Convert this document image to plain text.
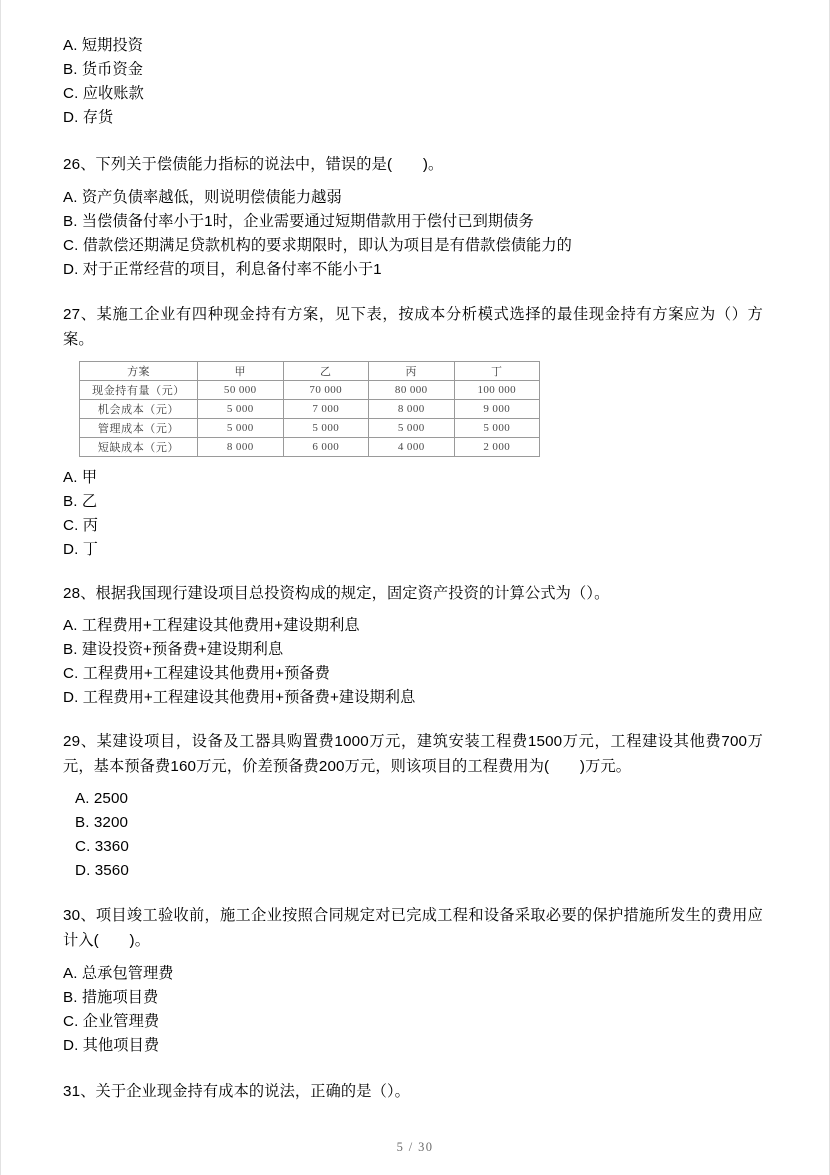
A. 短期投资
B. 货币资金
C. 应收账款
D. 存货

26、下列关于偿债能力指标的说法中，错误的是(　　)。

A. 资产负债率越低，则说明偿债能力越弱
B. 当偿债备付率小于1时，企业需要通过短期借款用于偿付已到期债务
C. 借款偿还期满足贷款机构的要求期限时，即认为项目是有借款偿债能力的
D. 对于正常经营的项目，利息备付率不能小于1

27、某施工企业有四种现金持有方案，见下表，按成本分析模式选择的最佳现金持有方案应为（）方案。

方案	甲	乙	丙	丁
现金持有量（元）	50 000	70 000	80 000	100 000
机会成本（元）	5 000	7 000	8 000	9 000
管理成本（元）	5 000	5 000	5 000	5 000
短缺成本（元）	8 000	6 000	4 000	2 000
A. 甲
B. 乙
C. 丙
D. 丁

28、根据我国现行建设项目总投资构成的规定，固定资产投资的计算公式为（）。

A. 工程费用+工程建设其他费用+建设期利息
B. 建设投资+预备费+建设期利息
C. 工程费用+工程建设其他费用+预备费
D. 工程费用+工程建设其他费用+预备费+建设期利息

29、某建设项目，设备及工器具购置费1000万元，建筑安装工程费1500万元，工程建设其他费700万元，基本预备费160万元，价差预备费200万元，则该项目的工程费用为(　　)万元。

A. 2500
B. 3200
C. 3360
D. 3560

30、项目竣工验收前，施工企业按照合同规定对已完成工程和设备采取必要的保护措施所发生的费用应计入(　　)。

A. 总承包管理费
B. 措施项目费
C. 企业管理费
D. 其他项目费

31、关于企业现金持有成本的说法，正确的是（）。

5 / 30
